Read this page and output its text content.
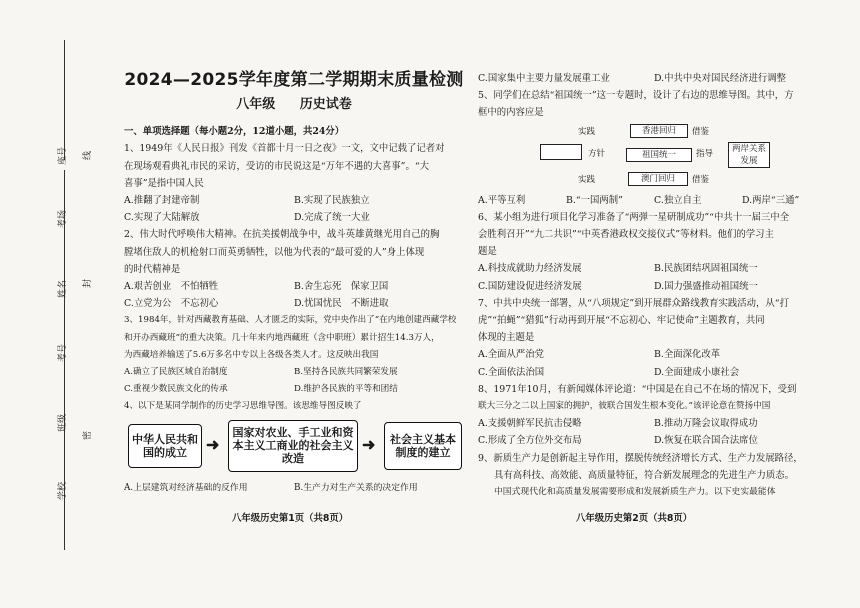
座号
考场
姓名
考号
班级
学校
线
封
密
2024—2025学年度第二学期期末质量检测
八年级 历史试卷

一、单项选择题（每小题2分，12道小题，共24分）

1、1949年《人民日报》刊发《首都十月一日之夜》一文，文中记载了记者对

在现场观看典礼市民的采访，受访的市民说这是“万年不遇的大喜事”。“大

喜事”是指中国人民

A.推翻了封建帝制	B.实现了民族独立
C.实现了大陆解放	D.完成了统一大业

2、伟大时代呼唤伟大精神。在抗美援朝战争中，战斗英雄黄继光用自己的胸

膛堵住敌人的机枪射口而英勇牺牲，以他为代表的“最可爱的人”身上体现

的时代精神是

A.艰苦创业　不怕牺牲	B.舍生忘死　保家卫国
C.立党为公　不忘初心	D.忧国忧民　不断进取

3、1984年，针对西藏教育基础、人才匮乏的实际，党中央作出了“在内地创建西藏学校

和开办西藏班”的重大决策。几十年来内地西藏班（含中职班）累计招生14.3万人，

为西藏培养输送了5.6万多名中专以上各级各类人才。这反映出我国

A.确立了民族区域自治制度	B.坚持各民族共同繁荣发展
C.重视少数民族文化的传承	D.维护各民族的平等和团结

4、以下是某同学制作的历史学习思维导图。该思维导图反映了

中华人民共和国的成立	➜
国家对农业、手工业和资本主义工商业的社会主义改造
➜	社会主义基本制度的建立
A.上层建筑对经济基础的反作用	B.生产力对生产关系的决定作用
八年级历史第1页（共8页）
C.国家集中主要力量发展重工业	D.中共中央对国民经济进行调整

5、同学们在总结“祖国统一”这一专题时，设计了右边的思维导图。其中，方

框中的内容应是

香港回归
祖国统一
澳门回归
两岸关系发展
实践
实践
借鉴
借鉴
方针	指导
A.平等互利	B.“一国两制”	C.独立自主	D.两岸“三通”

6、某小组为进行项目化学习准备了“两弹一星研制成功”“中共十一届三中全

会胜利召开”“九二共识”“中英香港政权交接仪式”等材料。他们的学习主

题是

A.科技成就助力经济发展	B.民族团结巩固祖国统一
C.国防建设促进经济发展	D.国力强盛推动祖国统一

7、中共中央统一部署，从“八项规定”到开展群众路线教育实践活动，从“打

虎”“拍蝇”“猎狐”行动再到开展“不忘初心、牢记使命”主题教育，共同

体现的主题是

A.全面从严治党	B.全面深化改革
C.全面依法治国	D.全面建成小康社会

8、1971年10月，有新闻媒体评论道：“中国是在自己不在场的情况下，受到

联大三分之二以上国家的拥护，彼联合国发生根本变化。”该评论意在赞扬中国

A.支援朝鲜军民抗击侵略	B.推动万隆会议取得成功
C.形成了全方位外交布局	D.恢复在联合国合法席位

9、新质生产力是创新起主导作用，摆脱传统经济增长方式、生产力发展路径，

具有高科技、高效能、高质量特征，符合新发展理念的先进生产力质态。

中国式现代化和高质量发展需要形成和发展新质生产力。以下史实最能体

八年级历史第2页（共8页）
